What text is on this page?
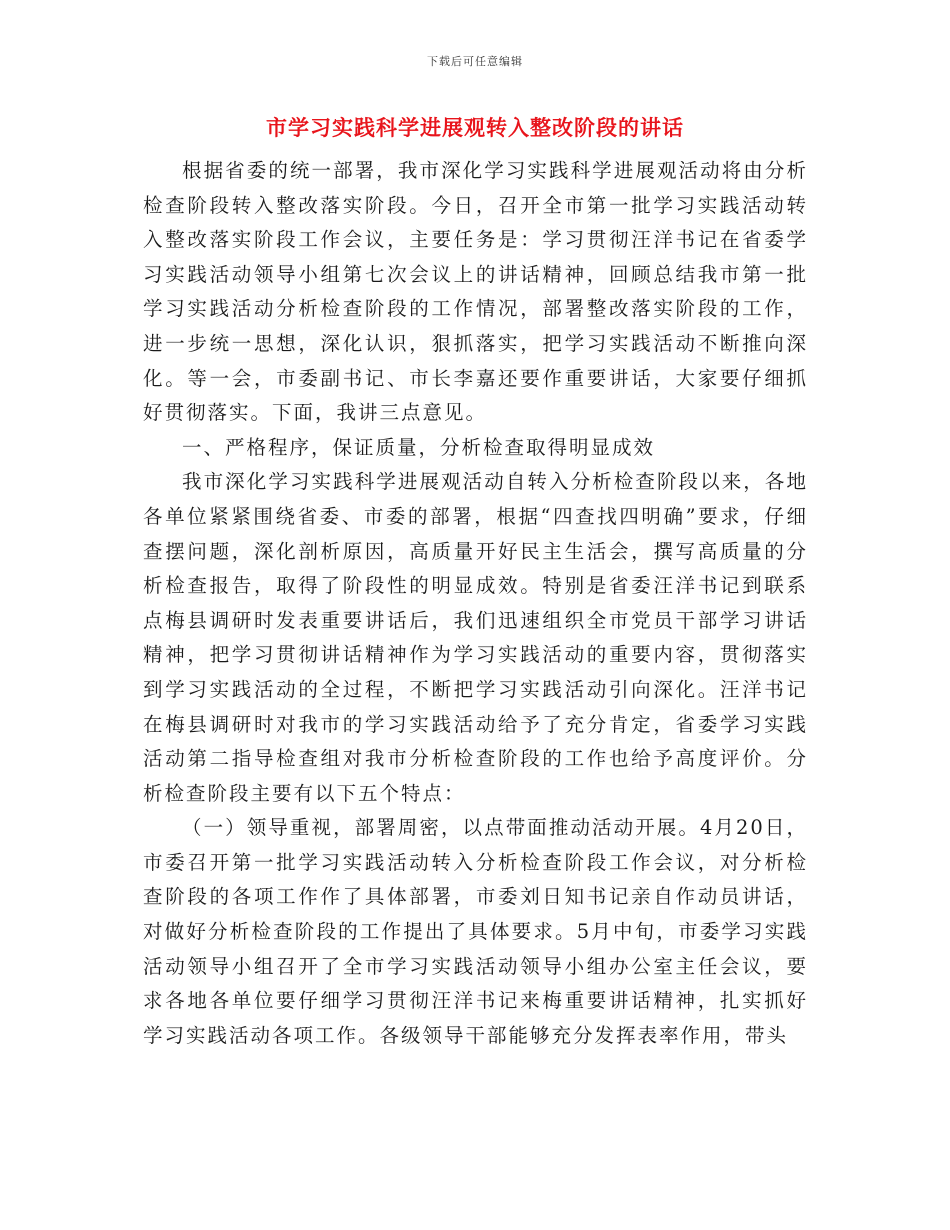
下载后可任意编辑
市学习实践科学进展观转入整改阶段的讲话

根据省委的统一部署，我市深化学习实践科学进展观活动将由分析检查阶段转入整改落实阶段。今日，召开全市第一批学习实践活动转入整改落实阶段工作会议，主要任务是：学习贯彻汪洋书记在省委学习实践活动领导小组第七次会议上的讲话精神，回顾总结我市第一批学习实践活动分析检查阶段的工作情况，部署整改落实阶段的工作，进一步统一思想，深化认识，狠抓落实，把学习实践活动不断推向深化。等一会，市委副书记、市长李嘉还要作重要讲话，大家要仔细抓好贯彻落实。下面，我讲三点意见。

一、严格程序，保证质量，分析检查取得明显成效

我市深化学习实践科学进展观活动自转入分析检查阶段以来，各地各单位紧紧围绕省委、市委的部署，根据“四查找四明确”要求，仔细查摆问题，深化剖析原因，高质量开好民主生活会，撰写高质量的分析检查报告，取得了阶段性的明显成效。特别是省委汪洋书记到联系点梅县调研时发表重要讲话后，我们迅速组织全市党员干部学习讲话精神，把学习贯彻讲话精神作为学习实践活动的重要内容，贯彻落实到学习实践活动的全过程，不断把学习实践活动引向深化。汪洋书记在梅县调研时对我市的学习实践活动给予了充分肯定，省委学习实践活动第二指导检查组对我市分析检查阶段的工作也给予高度评价。分析检查阶段主要有以下五个特点：

（一）领导重视，部署周密，以点带面推动活动开展。4月20日，市委召开第一批学习实践活动转入分析检查阶段工作会议，对分析检查阶段的各项工作作了具体部署，市委刘日知书记亲自作动员讲话，对做好分析检查阶段的工作提出了具体要求。5月中旬，市委学习实践活动领导小组召开了全市学习实践活动领导小组办公室主任会议，要求各地各单位要仔细学习贯彻汪洋书记来梅重要讲话精神，扎实抓好学习实践活动各项工作。各级领导干部能够充分发挥表率作用，带头
